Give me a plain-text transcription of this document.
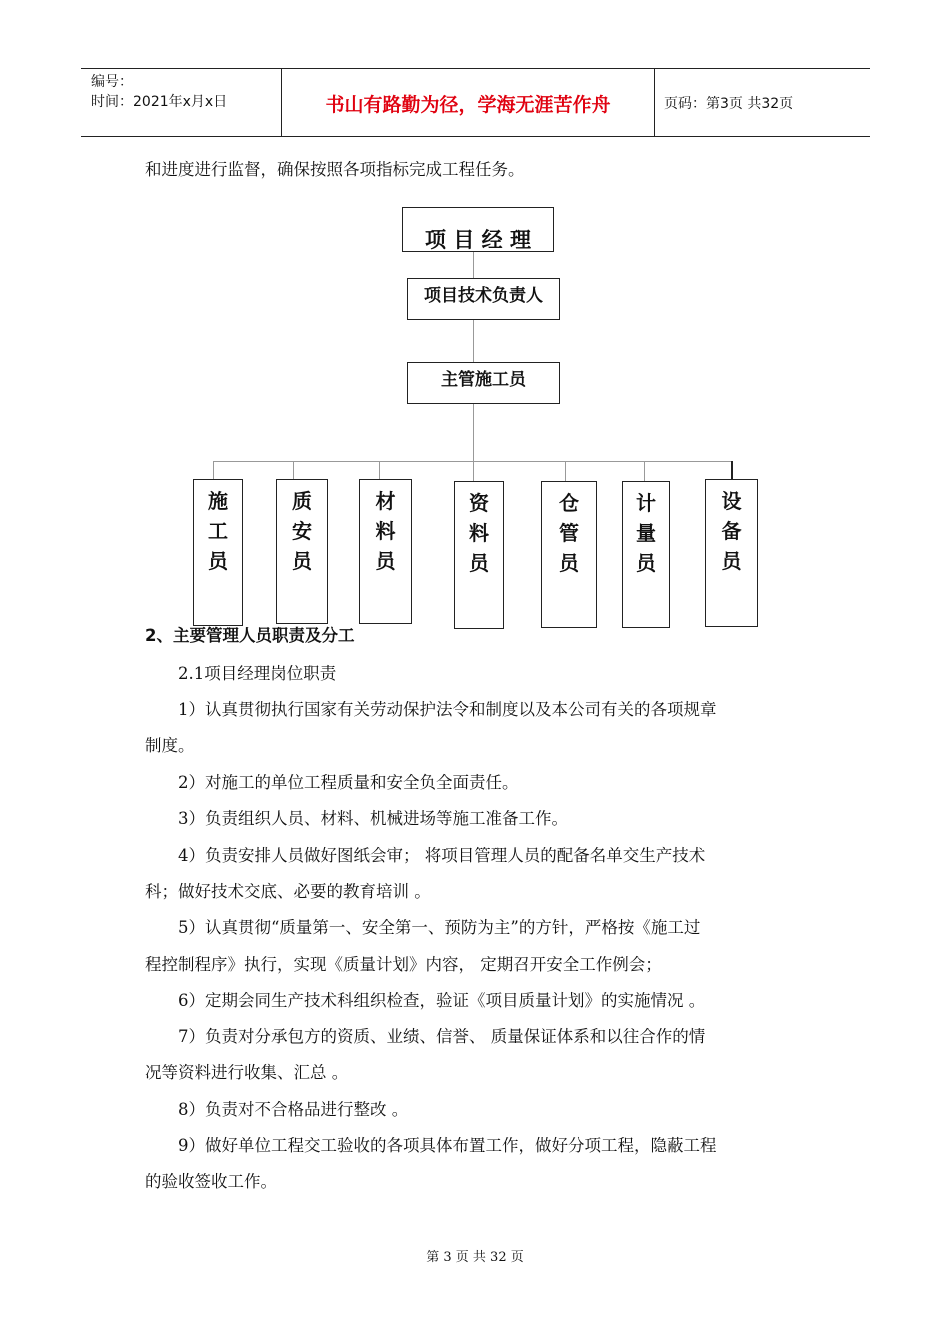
编号：
时间：2021年x月x日	书山有路勤为径，学海无涯苦作舟	页码：第3页 共32页
和进度进行监督，确保按照各项指标完成工程任务。
项 目 经 理
项目技术负责人
主管施工员
施工员
质安员
材料员
资料员
仓管员
计量员
设备员
2、主要管理人员职责及分工
2.1项目经理岗位职责
1）认真贯彻执行国家有关劳动保护法令和制度以及本公司有关的各项规章
制度。
2）对施工的单位工程质量和安全负全面责任。
3）负责组织人员、材料、机械进场等施工准备工作。
4）负责安排人员做好图纸会审； 将项目管理人员的配备名单交生产技术
科；做好技术交底、必要的教育培训 。
5）认真贯彻“质量第一、安全第一、预防为主”的方针，严格按《施工过
程控制程序》执行，实现《质量计划》内容， 定期召开安全工作例会；
6）定期会同生产技术科组织检查，验证《项目质量计划》的实施情况 。
7）负责对分承包方的资质、业绩、信誉、 质量保证体系和以往合作的情
况等资料进行收集、汇总 。
8）负责对不合格品进行整改 。
9）做好单位工程交工验收的各项具体布置工作，做好分项工程，隐蔽工程
的验收签收工作。
第 3 页 共 32 页
